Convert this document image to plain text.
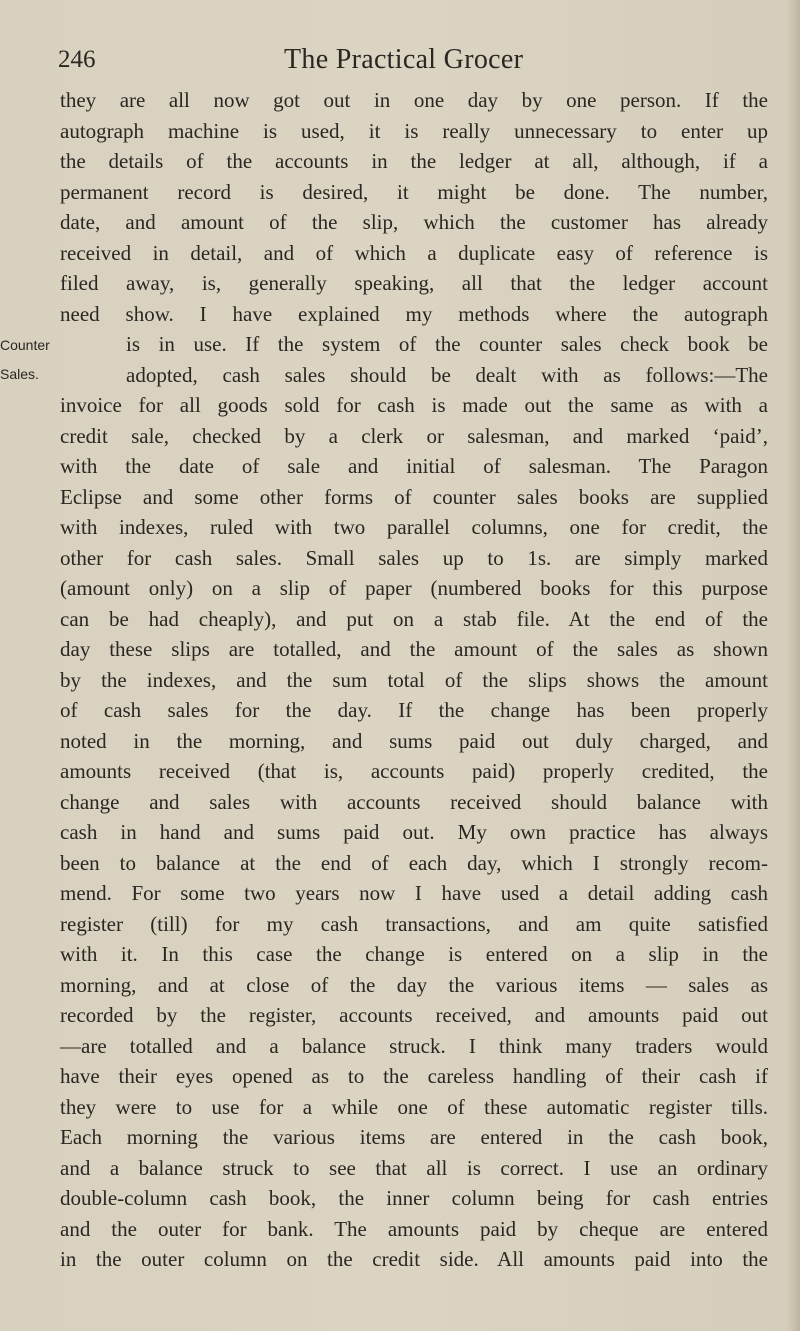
246	The Practical Grocer
they are all now got out in one day by one person. If the
autograph machine is used, it is really unnecessary to enter up
the details of the accounts in the ledger at all, although, if a
permanent record is desired, it might be done. The number,
date, and amount of the slip, which the customer has already
received in detail, and of which a duplicate easy of reference is
filed away, is, generally speaking, all that the ledger account
need show. I have explained my methods where the autograph
Counter	is in use. If the system of the counter sales check book be
Sales.	adopted, cash sales should be dealt with as follows:—The
invoice for all goods sold for cash is made out the same as with a
credit sale, checked by a clerk or salesman, and marked ‘paid’,
with the date of sale and initial of salesman. The Paragon
Eclipse and some other forms of counter sales books are supplied
with indexes, ruled with two parallel columns, one for credit, the
other for cash sales. Small sales up to 1s. are simply marked
(amount only) on a slip of paper (numbered books for this purpose
can be had cheaply), and put on a stab file. At the end of the
day these slips are totalled, and the amount of the sales as shown
by the indexes, and the sum total of the slips shows the amount
of cash sales for the day. If the change has been properly
noted in the morning, and sums paid out duly charged, and
amounts received (that is, accounts paid) properly credited, the
change and sales with accounts received should balance with
cash in hand and sums paid out. My own practice has always
been to balance at the end of each day, which I strongly recom-
mend. For some two years now I have used a detail adding cash
register (till) for my cash transactions, and am quite satisfied
with it. In this case the change is entered on a slip in the
morning, and at close of the day the various items — sales as
recorded by the register, accounts received, and amounts paid out
—are totalled and a balance struck. I think many traders would
have their eyes opened as to the careless handling of their cash if
they were to use for a while one of these automatic register tills.
Each morning the various items are entered in the cash book,
and a balance struck to see that all is correct. I use an ordinary
double-column cash book, the inner column being for cash entries
and the outer for bank. The amounts paid by cheque are entered
in the outer column on the credit side. All amounts paid into the
